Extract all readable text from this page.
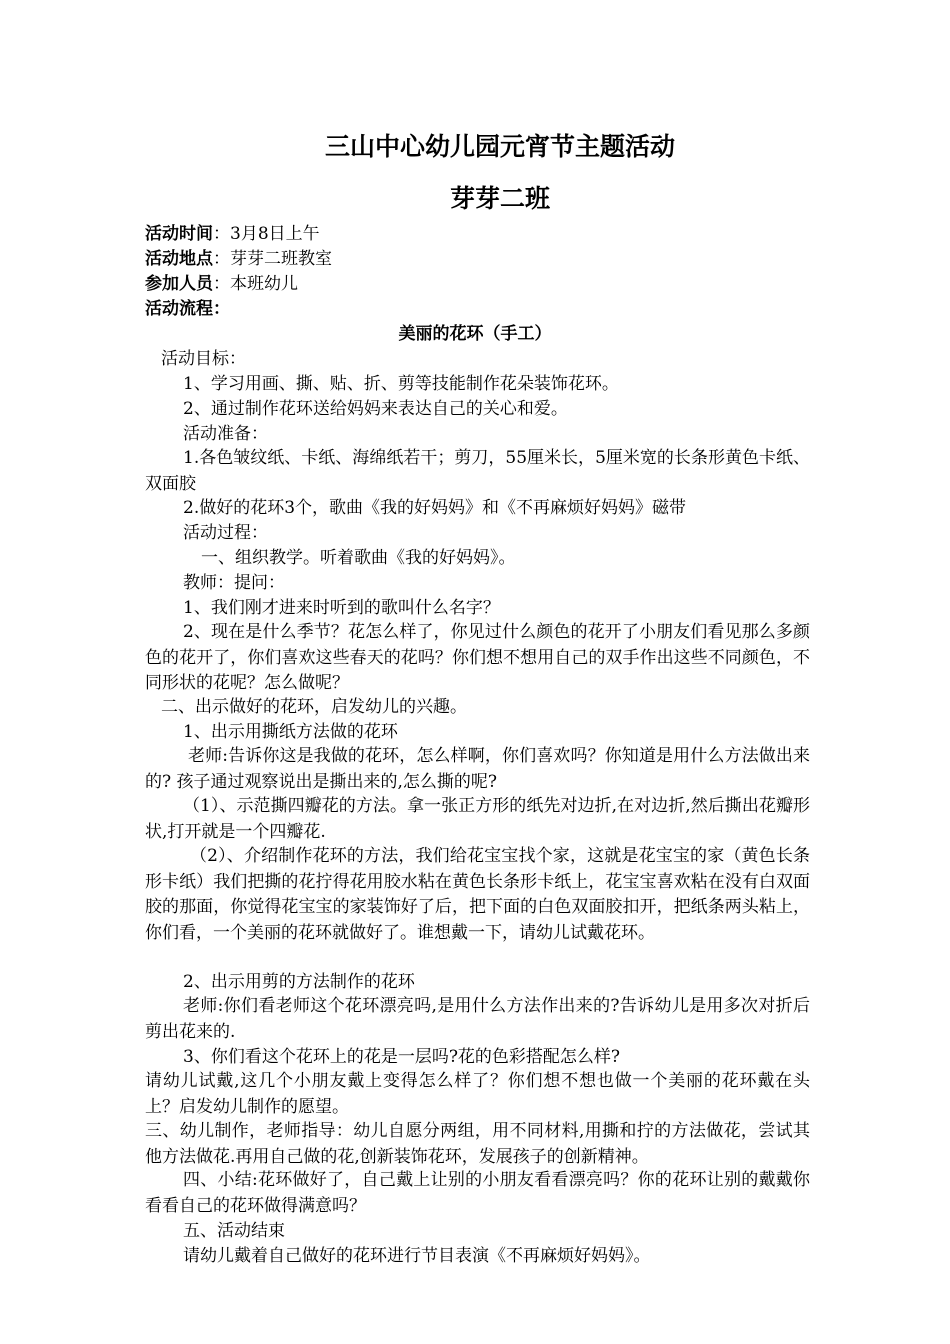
三山中心幼儿园元宵节主题活动
芽芽二班
活动时间：3月8日上午
活动地点：芽芽二班教室
参加人员：本班幼儿
活动流程：
美丽的花环（手工）
活动目标：
1、学习用画、撕、贴、折、剪等技能制作花朵装饰花环。
2、通过制作花环送给妈妈来表达自己的关心和爱。
活动准备：
1.各色皱纹纸、卡纸、海绵纸若干；剪刀，55厘米长，5厘米宽的长条形黄色卡纸、双面胶
2.做好的花环3个，歌曲《我的好妈妈》和《不再麻烦好妈妈》磁带
活动过程：
一、组织教学。听着歌曲《我的好妈妈》。
教师：提问：
1、我们刚才进来时听到的歌叫什么名字？
2、现在是什么季节？花怎么样了，你见过什么颜色的花开了小朋友们看见那么多颜色的花开了，你们喜欢这些春天的花吗？你们想不想用自己的双手作出这些不同颜色，不同形状的花呢？怎么做呢？
二、出示做好的花环，启发幼儿的兴趣。
1、出示用撕纸方法做的花环
老师:告诉你这是我做的花环，怎么样啊，你们喜欢吗？你知道是用什么方法做出来的? 孩子通过观察说出是撕出来的,怎么撕的呢?
（1）、示范撕四瓣花的方法。拿一张正方形的纸先对边折,在对边折,然后撕出花瓣形状,打开就是一个四瓣花.
（2）、介绍制作花环的方法，我们给花宝宝找个家，这就是花宝宝的家（黄色长条形卡纸）我们把撕的花拧得花用胶水粘在黄色长条形卡纸上，花宝宝喜欢粘在没有白双面胶的那面，你觉得花宝宝的家装饰好了后，把下面的白色双面胶扣开，把纸条两头粘上，你们看，一个美丽的花环就做好了。谁想戴一下，请幼儿试戴花环。
2、出示用剪的方法制作的花环
老师:你们看老师这个花环漂亮吗,是用什么方法作出来的?告诉幼儿是用多次对折后剪出花来的.
3、你们看这个花环上的花是一层吗?花的色彩搭配怎么样?
请幼儿试戴,这几个小朋友戴上变得怎么样了？你们想不想也做一个美丽的花环戴在头上？启发幼儿制作的愿望。
三、幼儿制作，老师指导：幼儿自愿分两组，用不同材料,用撕和拧的方法做花，尝试其他方法做花.再用自己做的花,创新装饰花环，发展孩子的创新精神。
四、小结:花环做好了，自己戴上让别的小朋友看看漂亮吗？你的花环让别的戴戴你看看自己的花环做得满意吗？
五、活动结束
请幼儿戴着自己做好的花环进行节目表演《不再麻烦好妈妈》。
